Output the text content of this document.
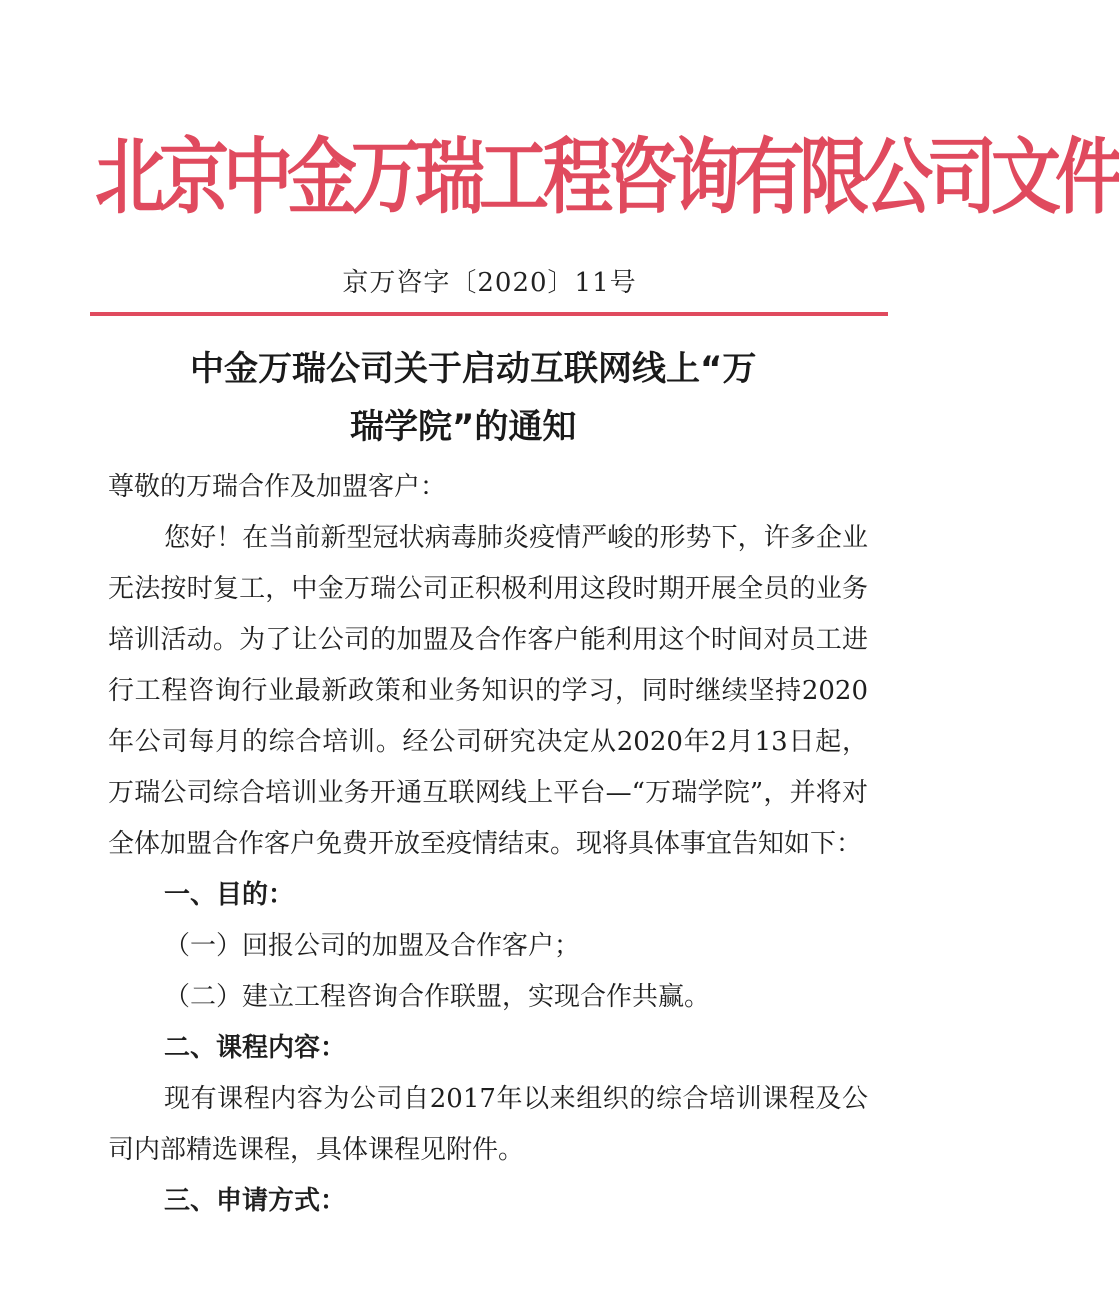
北京中金万瑞工程咨询有限公司文件
京万咨字〔2020〕11号
中金万瑞公司关于启动互联网线上“万
瑞学院”的通知

尊敬的万瑞合作及加盟客户：

您好！在当前新型冠状病毒肺炎疫情严峻的形势下，许多企业无法按时复工，中金万瑞公司正积极利用这段时期开展全员的业务培训活动。为了让公司的加盟及合作客户能利用这个时间对员工进行工程咨询行业最新政策和业务知识的学习，同时继续坚持2020年公司每月的综合培训。经公司研究决定从2020年2月13日起，万瑞公司综合培训业务开通互联网线上平台—“万瑞学院”，并将对全体加盟合作客户免费开放至疫情结束。现将具体事宜告知如下：

一、目的：

（一）回报公司的加盟及合作客户；

（二）建立工程咨询合作联盟，实现合作共赢。

二、课程内容：

现有课程内容为公司自2017年以来组织的综合培训课程及公司内部精选课程，具体课程见附件。

三、申请方式：
